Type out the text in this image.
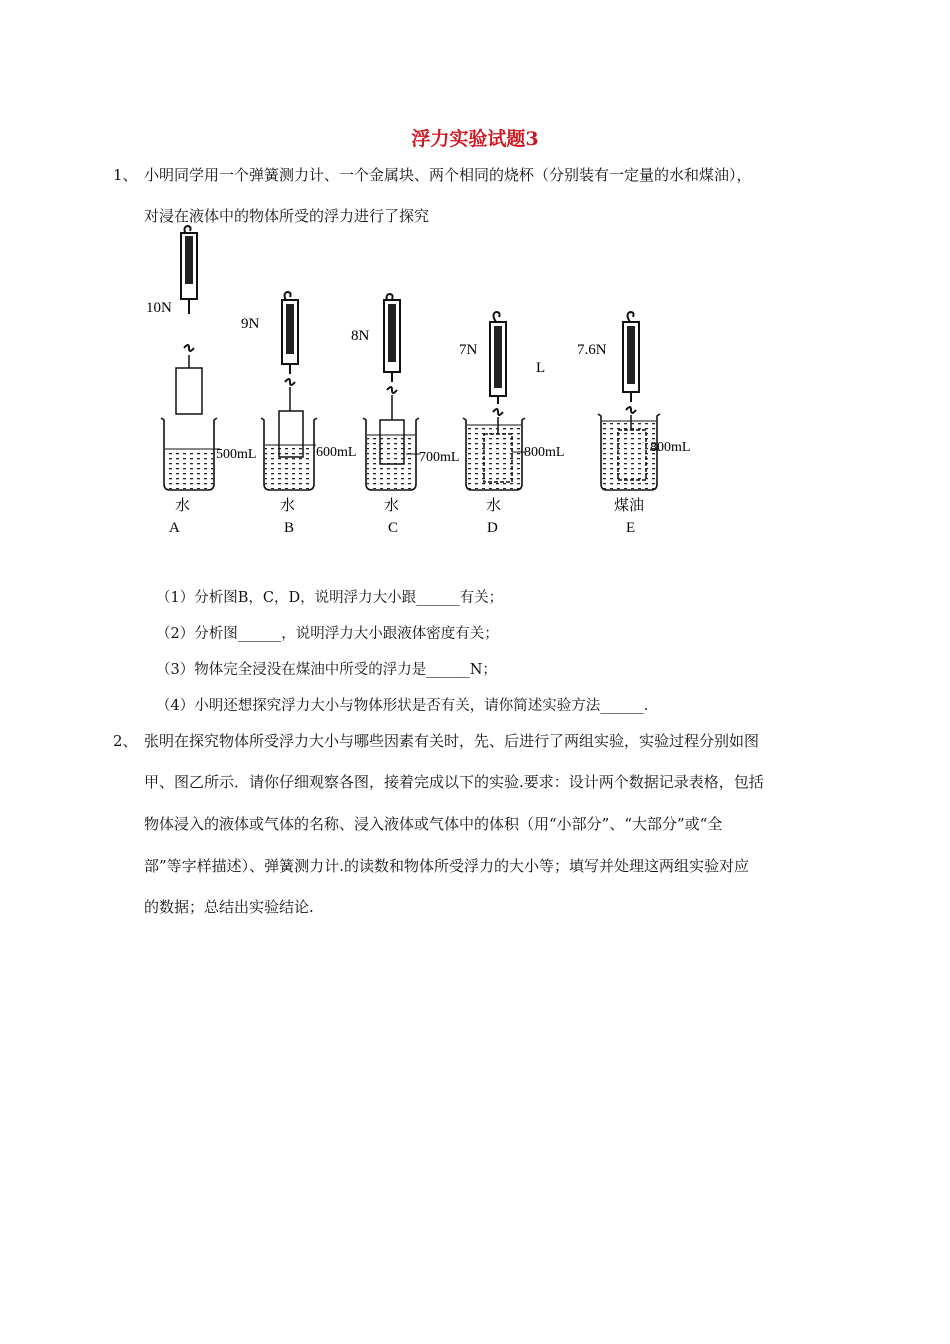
浮力实验试题3
1、 小明同学用一个弹簧测力计、一个金属块、两个相同的烧杯（分别装有一定量的水和煤油），
对浸在液体中的物体所受的浮力进行了探究
10N
9N
8N
7N	7.6N
L
500mL	600mL	700mL	800mL	800mL
水	水	水	水	煤油
A	B	C	D	E
（1）分析图B，C，D，说明浮力大小跟______有关；
（2）分析图______，说明浮力大小跟液体密度有关；
（3）物体完全浸没在煤油中所受的浮力是______N；
（4）小明还想探究浮力大小与物体形状是否有关，请你简述实验方法______.
2、 张明在探究物体所受浮力大小与哪些因素有关时，先、后进行了两组实验，实验过程分别如图
甲、图乙所示．请你仔细观察各图，接着完成以下的实验.要求：设计两个数据记录表格，包括
物体浸入的液体或气体的名称、浸入液体或气体中的体积（用“小部分”、“大部分”或“全
部”等字样描述）、弹簧测力计.的读数和物体所受浮力的大小等；填写并处理这两组实验对应
的数据；总结出实验结论.
